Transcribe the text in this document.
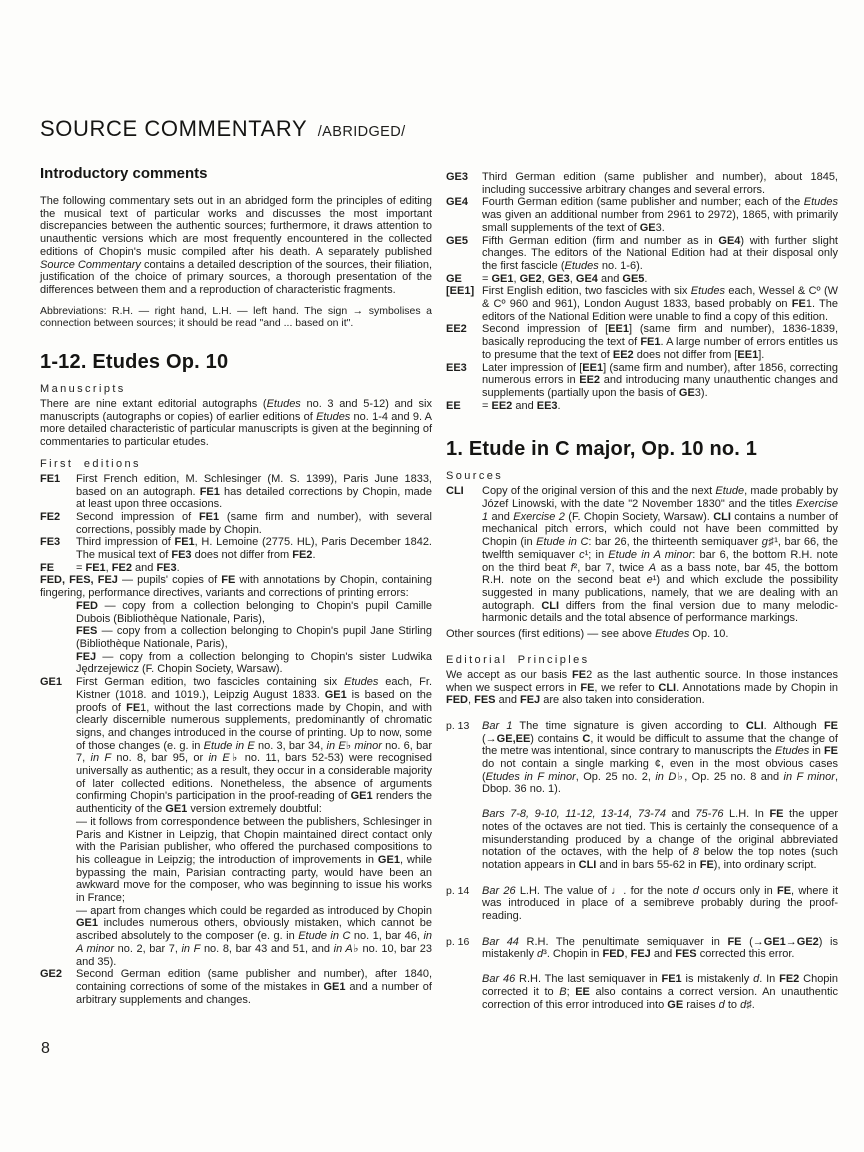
SOURCE COMMENTARY /ABRIDGED/
Introductory comments

The following commentary sets out in an abridged form the principles of editing the musical text of particular works and discusses the most important discrepancies between the authentic sources; furthermore, it draws attention to unauthentic versions which are most frequently encountered in the collected editions of Chopin's music compiled after his death. A separately published Source Commentary contains a detailed description of the sources, their filiation, justification of the choice of primary sources, a thorough presentation of the differences between them and a reproduction of characteristic fragments.

Abbreviations: R.H. — right hand, L.H. — left hand. The sign → symbolises a connection between sources; it should be read "and ... based on it".

1-12. Etudes Op. 10
Manuscripts

There are nine extant editorial autographs (Etudes no. 3 and 5-12) and six manuscripts (autographs or copies) of earlier editions of Etudes no. 1-4 and 9. A more detailed characteristic of particular manuscripts is given at the beginning of commentaries to particular etudes.

First editions
FE1	First French edition, M. Schlesinger (M. S. 1399), Paris June 1833, based on an autograph. FE1 has detailed corrections by Chopin, made at least upon three occasions.
FE2	Second impression of FE1 (same firm and number), with several corrections, possibly made by Chopin.
FE3	Third impression of FE1, H. Lemoine (2775. HL), Paris December 1842. The musical text of FE3 does not differ from FE2.
FE	= FE1, FE2 and FE3.

FED, FES, FEJ — pupils' copies of FE with annotations by Chopin, containing fingering, performance directives, variants and corrections of printing errors:

FED — copy from a collection belonging to Chopin's pupil Camille Dubois (Bibliothèque Nationale, Paris),

FES — copy from a collection belonging to Chopin's pupil Jane Stirling (Bibliothèque Nationale, Paris),

FEJ — copy from a collection belonging to Chopin's sister Ludwika Jędrzejewicz (F. Chopin Society, Warsaw).

GE1	First German edition, two fascicles containing six Etudes each, Fr. Kistner (1018. and 1019.), Leipzig August 1833. GE1 is based on the proofs of FE1, without the last corrections made by Chopin, and with clearly discernible numerous supplements, predominantly of chromatic signs, and changes introduced in the course of printing. Up to now, some of those changes (e. g. in Etude in E no. 3, bar 34, in E♭ minor no. 6, bar 7, in F no. 8, bar 95, or in E♭ no. 11, bars 52-53) were recognised universally as authentic; as a result, they occur in a considerable majority of later collected editions. Nonetheless, the absence of arguments confirming Chopin's participation in the proof-reading of GE1 renders the authenticity of the GE1 version extremely doubtful:
— it follows from correspondence between the publishers, Schlesinger in Paris and Kistner in Leipzig, that Chopin maintained direct contact only with the Parisian publisher, who offered the purchased compositions to his colleague in Leipzig; the introduction of improvements in GE1, while bypassing the main, Parisian contracting party, would have been an awkward move for the composer, who was beginning to issue his works in France;
— apart from changes which could be regarded as introduced by Chopin GE1 includes numerous others, obviously mistaken, which cannot be ascribed absolutely to the composer (e. g. in Etude in C no. 1, bar 46, in A minor no. 2, bar 7, in F no. 8, bar 43 and 51, and in A♭ no. 10, bar 23 and 35).
GE2	Second German edition (same publisher and number), after 1840, containing corrections of some of the mistakes in GE1 and a number of arbitrary supplements and changes.
GE3	Third German edition (same publisher and number), about 1845, including successive arbitrary changes and several errors.
GE4	Fourth German edition (same publisher and number; each of the Etudes was given an additional number from 2961 to 2972), 1865, with primarily small supplements of the text of GE3.
GE5	Fifth German edition (firm and number as in GE4) with further slight changes. The editors of the National Edition had at their disposal only the first fascicle (Etudes no. 1-6).
GE	= GE1, GE2, GE3, GE4 and GE5.
[EE1] First English edition, two fascicles with six Etudes each, Wessel & Cº (W & Cº 960 and 961), London August 1833, based probably on FE1. The editors of the National Edition were unable to find a copy of this edition.
EE2	Second impression of [EE1] (same firm and number), 1836-1839, basically reproducing the text of FE1. A large number of errors entitles us to presume that the text of EE2 does not differ from [EE1].
EE3	Later impression of [EE1] (same firm and number), after 1856, correcting numerous errors in EE2 and introducing many unauthentic changes and supplements (partially upon the basis of GE3).
EE	= EE2 and EE3.
1. Etude in C major, Op. 10 no. 1
Sources
CLI	Copy of the original version of this and the next Etude, made probably by Józef Linowski, with the date "2 November 1830" and the titles Exercise 1 and Exercise 2 (F. Chopin Society, Warsaw). CLI contains a number of mechanical pitch errors, which could not have been committed by Chopin (in Etude in C: bar 26, the thirteenth semiquaver g♯¹, bar 66, the twelfth semiquaver c¹; in Etude in A minor: bar 6, the bottom R.H. note on the third beat f², bar 7, twice A as a bass note, bar 45, the bottom R.H. note on the second beat e¹) and which exclude the possibility suggested in many publications, namely, that we are dealing with an autograph. CLI differs from the final version due to many melodic-harmonic details and the total absence of performance markings.

Other sources (first editions) — see above Etudes Op. 10.

Editorial Principles

We accept as our basis FE2 as the last authentic source. In those instances when we suspect errors in FE, we refer to CLI. Annotations made by Chopin in FED, FES and FEJ are also taken into consideration.

p. 13	Bar 1 The time signature is given according to CLI. Although FE (→GE,EE) contains C, it would be difficult to assume that the change of the metre was intentional, since contrary to manuscripts the Etudes in FE do not contain a single marking ¢, even in the most obvious cases (Etudes in F minor, Op. 25 no. 2, in D♭, Op. 25 no. 8 and in F minor, Dbop. 36 no. 1).

Bars 7-8, 9-10, 11-12, 13-14, 73-74 and 75-76 L.H. In FE the upper notes of the octaves are not tied. This is certainly the consequence of a misunderstanding produced by a change of the original abbreviated notation of the octaves, with the help of 8 below the top notes (such notation appears in CLI and in bars 55-62 in FE), into ordinary script.

p. 14	Bar 26 L.H. The value of ♩. for the note d occurs only in FE, where it was introduced in place of a semibreve probably during the proof-reading.

p. 16	Bar 44 R.H. The penultimate semiquaver in FE (→GE1→GE2) is mistakenly d³. Chopin in FED, FEJ and FES corrected this error.

Bar 46 R.H. The last semiquaver in FE1 is mistakenly d. In FE2 Chopin corrected it to B; EE also contains a correct version. An unauthentic correction of this error introduced into GE raises d to d♯.

8
